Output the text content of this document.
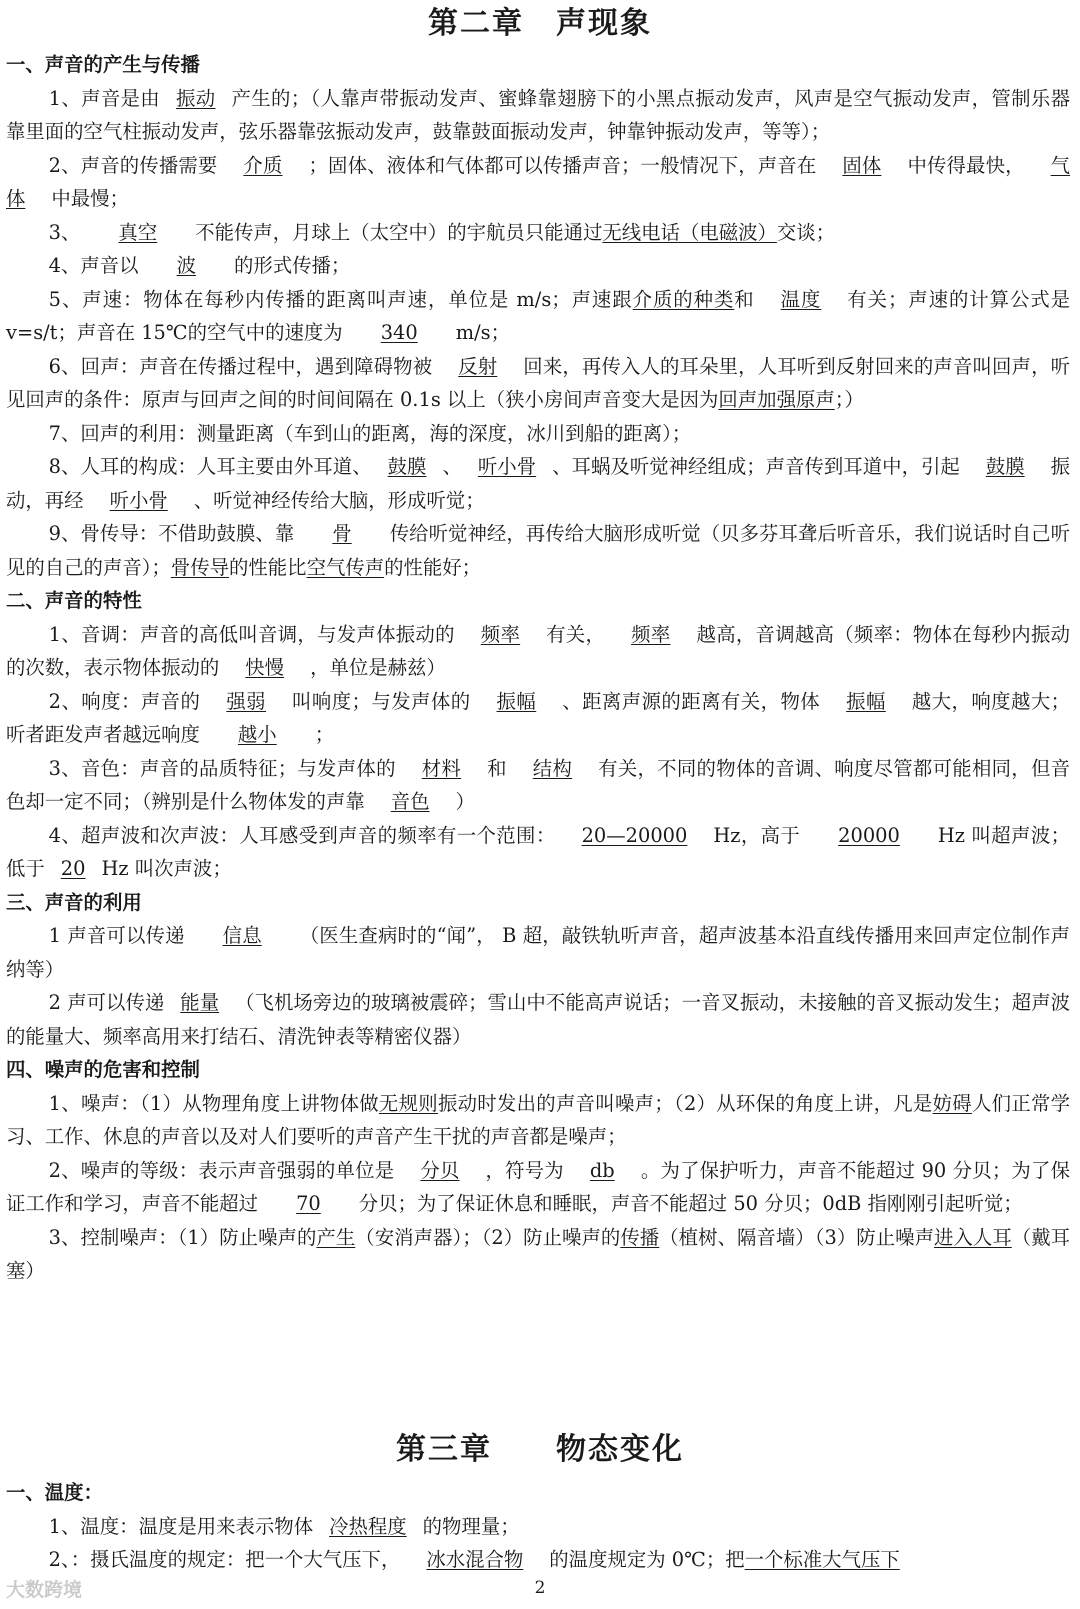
第二章　声现象

一、声音的产生与传播

1、声音是由 振动 产生的；（人靠声带振动发声、蜜蜂靠翅膀下的小黑点振动发声，风声是空气振动发声，管制乐器靠里面的空气柱振动发声，弦乐器靠弦振动发声，鼓靠鼓面振动发声，钟靠钟振动发声，等等）；

2、声音的传播需要 介质 ；固体、液体和气体都可以传播声音；一般情况下，声音在 固体 中传得最快， 气体 中最慢；

3、 真空 不能传声，月球上（太空中）的宇航员只能通过无线电话（电磁波）交谈；

4、声音以 波 的形式传播；

5、声速：物体在每秒内传播的距离叫声速，单位是 m/s；声速跟介质的种类和 温度 有关；声速的计算公式是 v=s/t；声音在 15℃的空气中的速度为 340 m/s；

6、回声：声音在传播过程中，遇到障碍物被 反射 回来，再传入人的耳朵里，人耳听到反射回来的声音叫回声，听见回声的条件：原声与回声之间的时间间隔在 0.1s 以上（狭小房间声音变大是因为回声加强原声；）

7、回声的利用：测量距离（车到山的距离，海的深度，冰川到船的距离）；

8、人耳的构成：人耳主要由外耳道、 鼓膜 、 听小骨 、耳蜗及听觉神经组成；声音传到耳道中，引起 鼓膜 振动，再经 听小骨 、听觉神经传给大脑，形成听觉；

9、骨传导：不借助鼓膜、靠 骨 传给听觉神经，再传给大脑形成听觉（贝多芬耳聋后听音乐，我们说话时自己听见的自己的声音）；骨传导的性能比空气传声的性能好；

二、声音的特性

1、音调：声音的高低叫音调，与发声体振动的 频率 有关， 频率 越高，音调越高（频率：物体在每秒内振动的次数，表示物体振动的 快慢 ，单位是赫兹）

2、响度：声音的 强弱 叫响度；与发声体的 振幅 、距离声源的距离有关，物体 振幅 越大，响度越大；听者距发声者越远响度 越小 ；

3、音色：声音的品质特征；与发声体的 材料 和 结构 有关，不同的物体的音调、响度尽管都可能相同，但音色却一定不同；（辨别是什么物体发的声靠 音色 ）

4、超声波和次声波：人耳感受到声音的频率有一个范围： 20—20000 Hz，高于 20000 Hz 叫超声波；低于 20 Hz 叫次声波；

三、声音的利用

1 声音可以传递 信息 （医生查病时的“闻”， B 超，敲铁轨听声音，超声波基本沿直线传播用来回声定位制作声纳等）

2 声可以传递 能量 （飞机场旁边的玻璃被震碎；雪山中不能高声说话；一音叉振动，未接触的音叉振动发生；超声波的能量大、频率高用来打结石、清洗钟表等精密仪器）

四、噪声的危害和控制

1、噪声：（1）从物理角度上讲物体做无规则振动时发出的声音叫噪声；（2）从环保的角度上讲，凡是妨碍人们正常学习、工作、休息的声音以及对人们要听的声音产生干扰的声音都是噪声；

2、噪声的等级：表示声音强弱的单位是 分贝 ，符号为 db 。为了保护听力，声音不能超过 90 分贝；为了保证工作和学习，声音不能超过 70 分贝；为了保证休息和睡眠，声音不能超过 50 分贝；0dB 指刚刚引起听觉；

3、控制噪声：（1）防止噪声的产生（安消声器）；（2）防止噪声的传播（植树、隔音墙）（3）防止噪声进入人耳（戴耳塞）

第三章　　物态变化

一、温度：

1、温度：温度是用来表示物体 冷热程度 的物理量；

2、：摄氏温度的规定：把一个大气压下， 冰水混合物 的温度规定为 0℃；把一个标准大气压下

大数跨境	2
